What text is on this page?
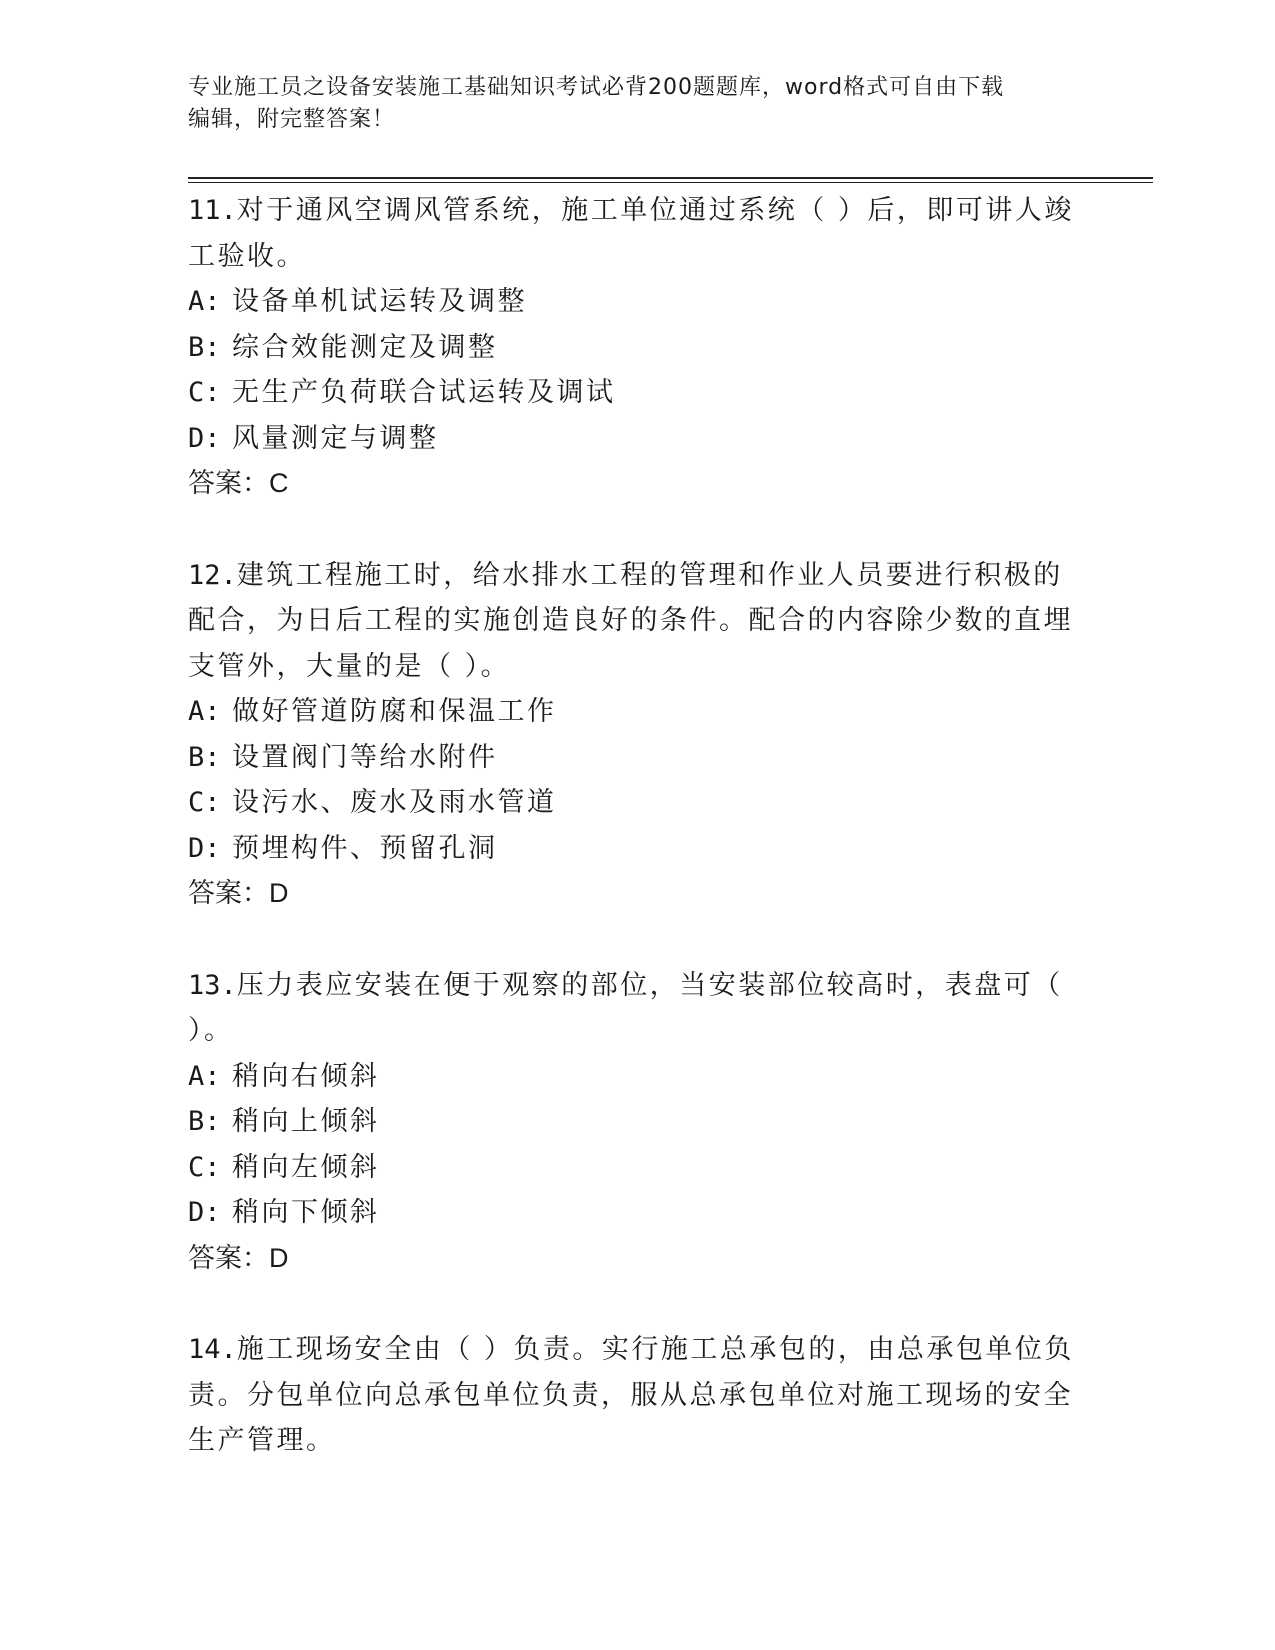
专业施工员之设备安装施工基础知识考试必背200题题库，word格式可自由下载
编辑，附完整答案！
11.对于通风空调风管系统，施工单位通过系统（ ）后，即可讲人竣工验收。
A: 设备单机试运转及调整
B: 综合效能测定及调整
C: 无生产负荷联合试运转及调试
D: 风量测定与调整
答案：C
12.建筑工程施工时，给水排水工程的管理和作业人员要进行积极的配合，为日后工程的实施创造良好的条件。配合的内容除少数的直埋支管外，大量的是（ ）。
A: 做好管道防腐和保温工作
B: 设置阀门等给水附件
C: 设污水、废水及雨水管道
D: 预埋构件、预留孔洞
答案：D
13.压力表应安装在便于观察的部位，当安装部位较高时，表盘可（ ）。
A: 稍向右倾斜
B: 稍向上倾斜
C: 稍向左倾斜
D: 稍向下倾斜
答案：D
14.施工现场安全由（ ）负责。实行施工总承包的，由总承包单位负责。分包单位向总承包单位负责，服从总承包单位对施工现场的安全生产管理。
